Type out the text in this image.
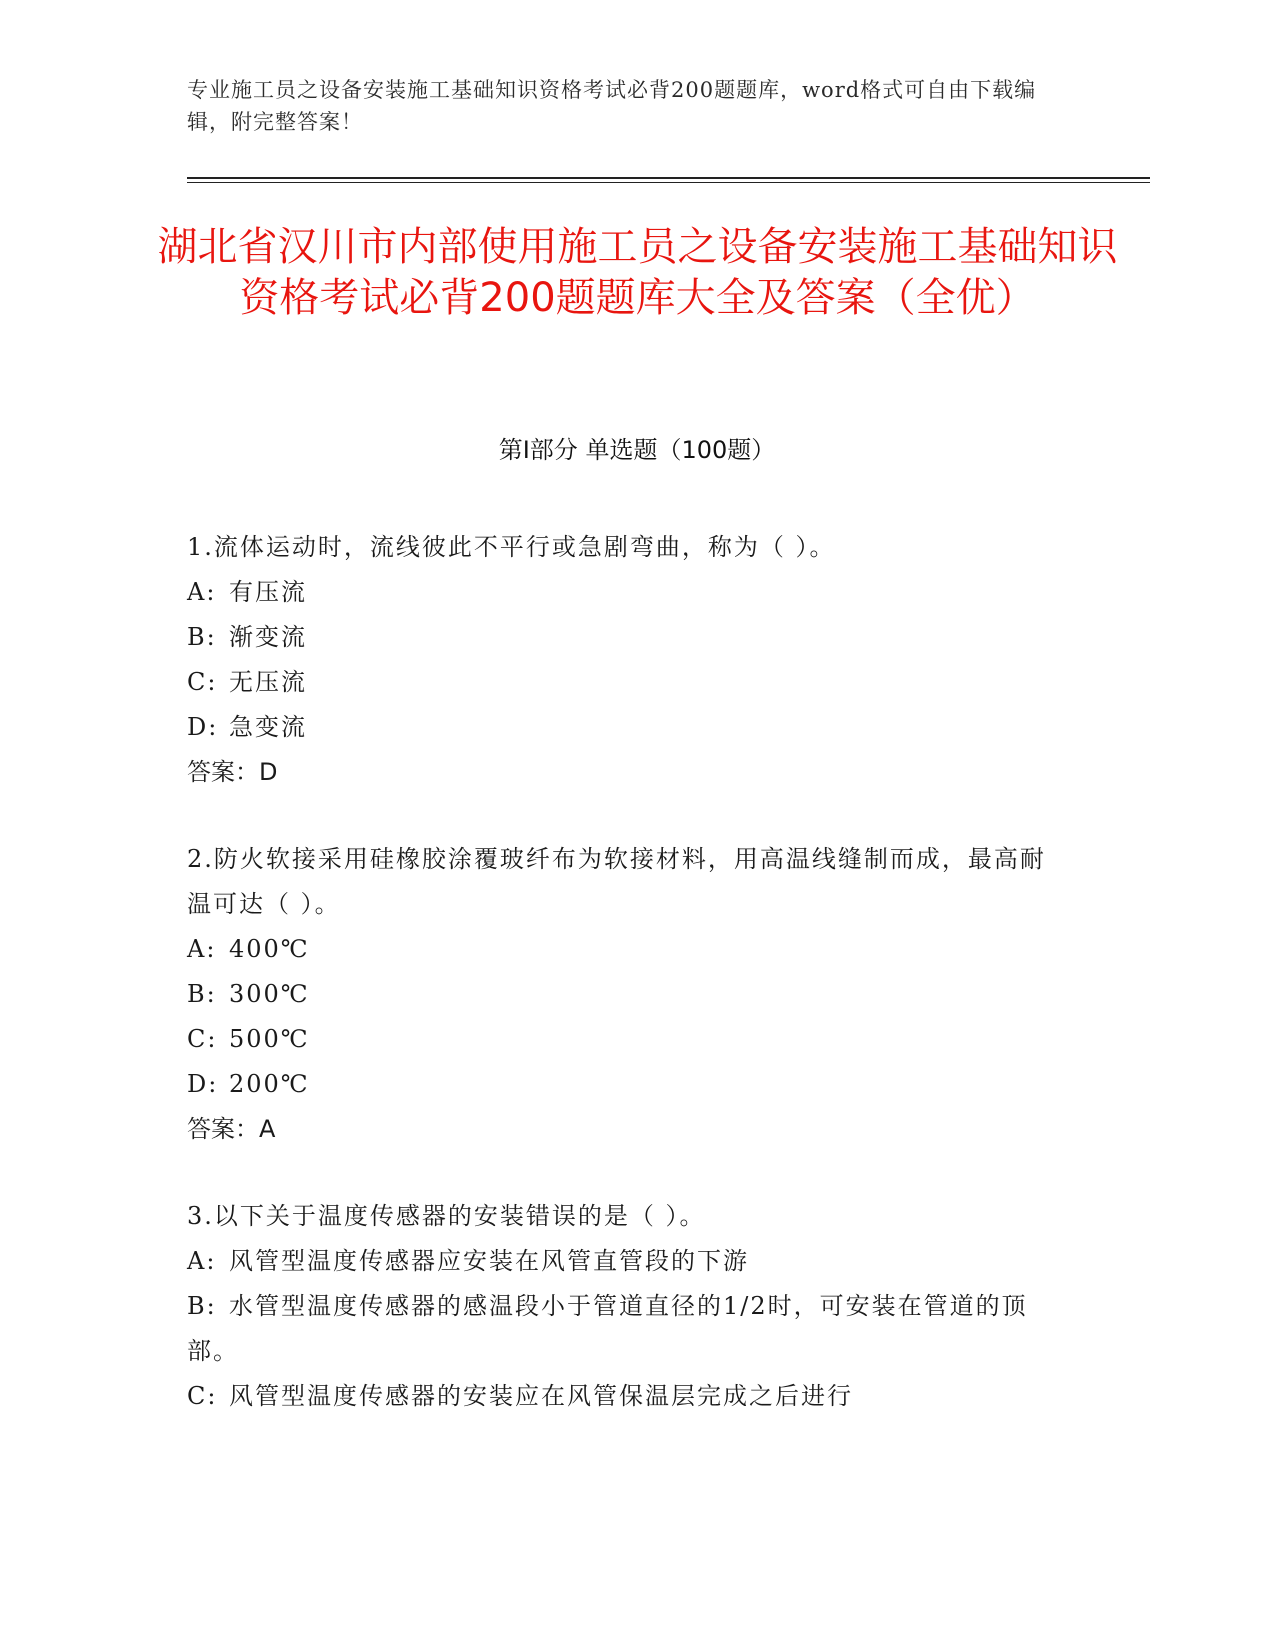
专业施工员之设备安装施工基础知识资格考试必背200题题库，word格式可自由下载编辑，附完整答案！
湖北省汉川市内部使用施工员之设备安装施工基础知识资格考试必背200题题库大全及答案（全优）
第I部分 单选题（100题）
1.流体运动时，流线彼此不平行或急剧弯曲，称为（ ）。
A: 有压流
B: 渐变流
C: 无压流
D: 急变流
答案：D
2.防火软接采用硅橡胶涂覆玻纤布为软接材料，用高温线缝制而成，最高耐温可达（ ）。
A: 400℃
B: 300℃
C: 500℃
D: 200℃
答案：A
3.以下关于温度传感器的安装错误的是（ ）。
A: 风管型温度传感器应安装在风管直管段的下游
B: 水管型温度传感器的感温段小于管道直径的1/2时，可安装在管道的顶部。
C: 风管型温度传感器的安装应在风管保温层完成之后进行
